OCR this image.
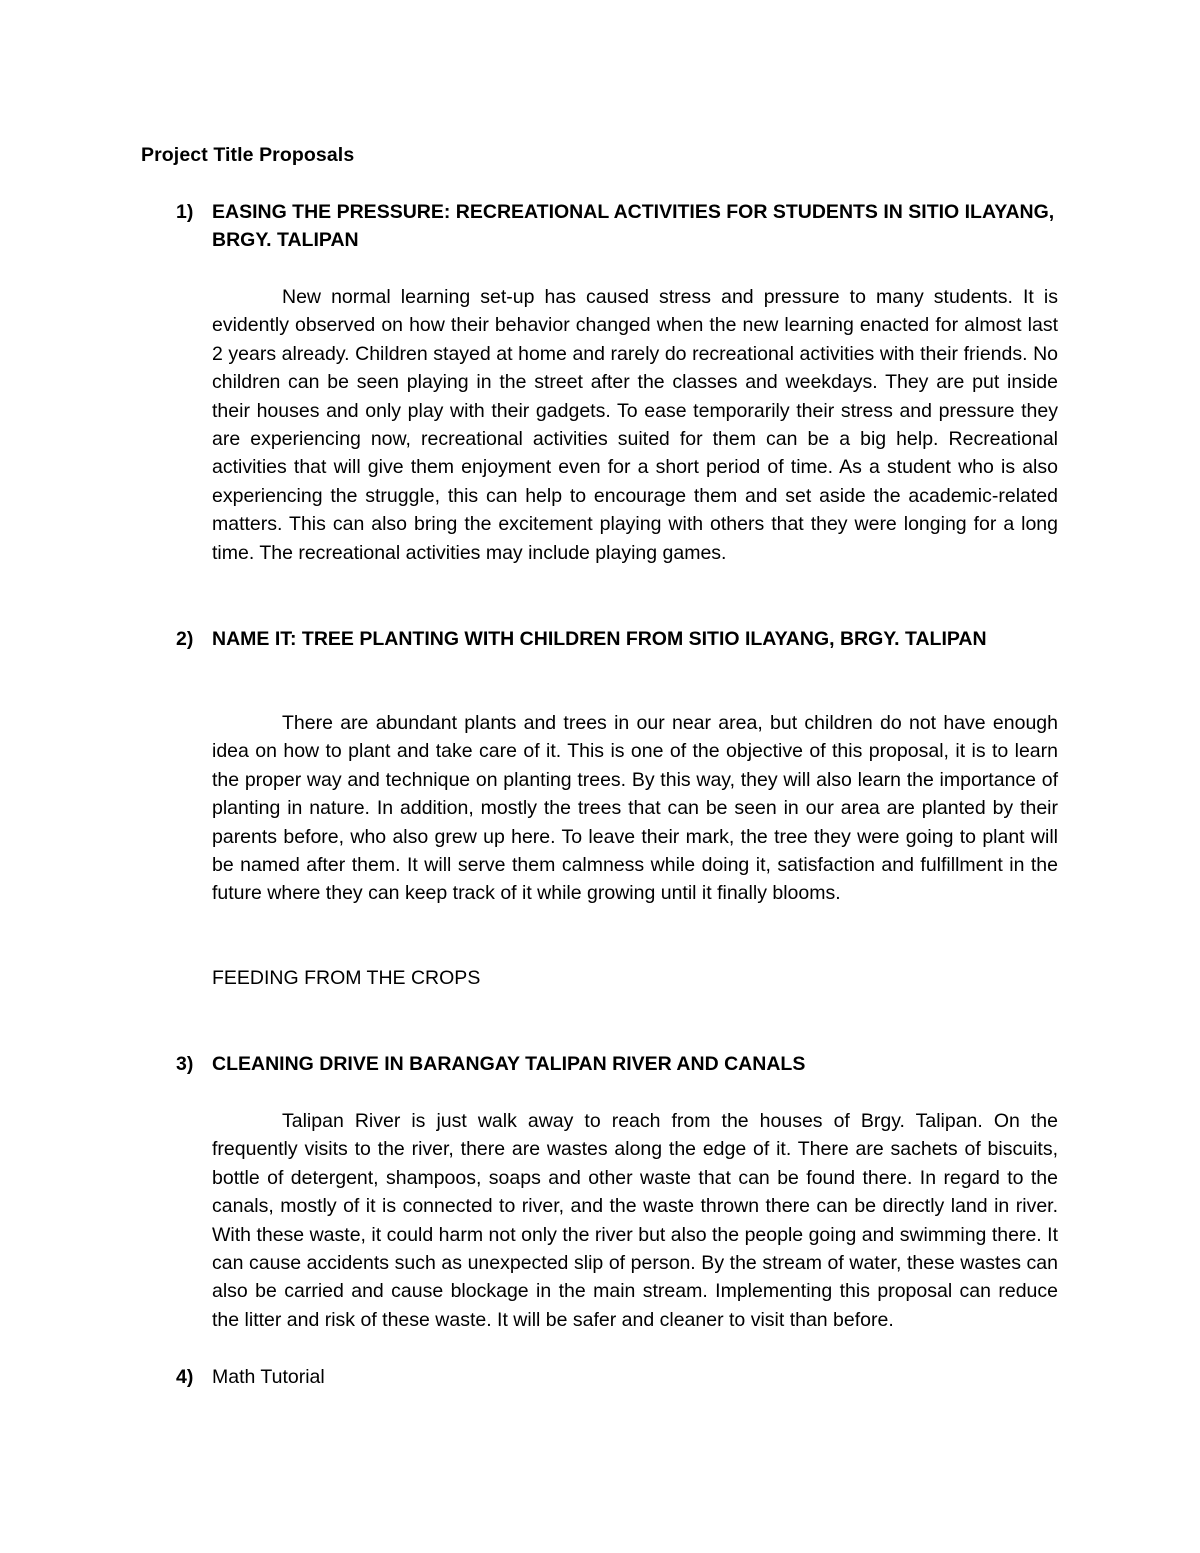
Project Title Proposals
1) EASING THE PRESSURE: RECREATIONAL ACTIVITIES FOR STUDENTS IN SITIO ILAYANG, BRGY. TALIPAN
New normal learning set-up has caused stress and pressure to many students. It is evidently observed on how their behavior changed when the new learning enacted for almost last 2 years already. Children stayed at home and rarely do recreational activities with their friends. No children can be seen playing in the street after the classes and weekdays. They are put inside their houses and only play with their gadgets. To ease temporarily their stress and pressure they are experiencing now, recreational activities suited for them can be a big help. Recreational activities that will give them enjoyment even for a short period of time. As a student who is also experiencing the struggle, this can help to encourage them and set aside the academic-related matters. This can also bring the excitement playing with others that they were longing for a long time. The recreational activities may include playing games.
2) NAME IT: TREE PLANTING WITH CHILDREN FROM SITIO ILAYANG, BRGY. TALIPAN
There are abundant plants and trees in our near area, but children do not have enough idea on how to plant and take care of it. This is one of the objective of this proposal, it is to learn the proper way and technique on planting trees. By this way, they will also learn the importance of planting in nature. In addition, mostly the trees that can be seen in our area are planted by their parents before, who also grew up here. To leave their mark, the tree they were going to plant will be named after them. It will serve them calmness while doing it, satisfaction and fulfillment in the future where they can keep track of it while growing until it finally blooms.
FEEDING FROM THE CROPS
3) CLEANING DRIVE IN BARANGAY TALIPAN RIVER AND CANALS
Talipan River is just walk away to reach from the houses of Brgy. Talipan. On the frequently visits to the river, there are wastes along the edge of it. There are sachets of biscuits, bottle of detergent, shampoos, soaps and other waste that can be found there. In regard to the canals, mostly of it is connected to river, and the waste thrown there can be directly land in river. With these waste, it could harm not only the river but also the people going and swimming there. It can cause accidents such as unexpected slip of person. By the stream of water, these wastes can also be carried and cause blockage in the main stream. Implementing this proposal can reduce the litter and risk of these waste. It will be safer and cleaner to visit than before.
4) Math Tutorial
